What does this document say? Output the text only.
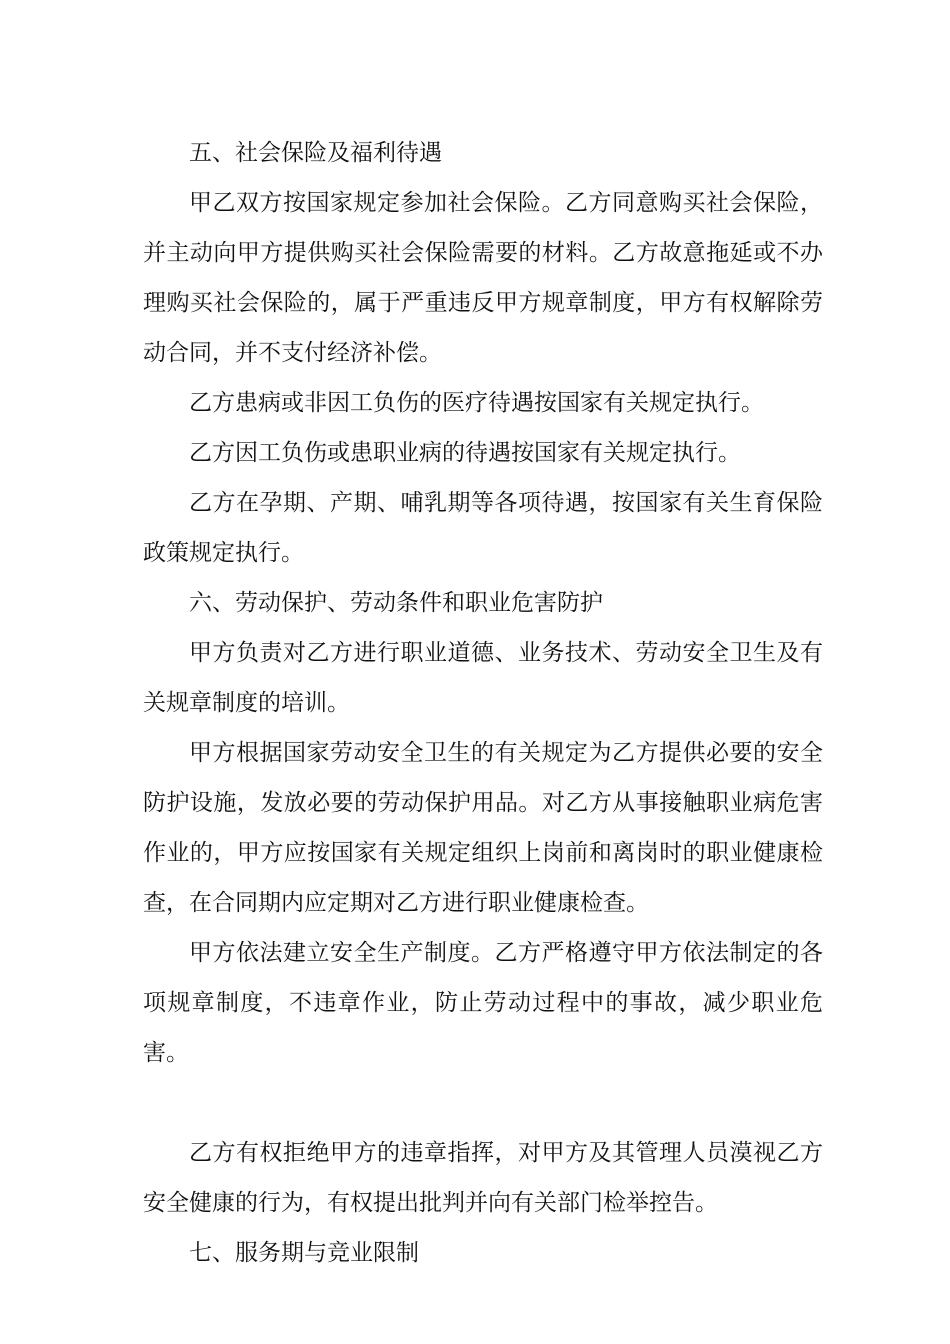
五、社会保险及福利待遇

甲乙双方按国家规定参加社会保险。乙方同意购买社会保险，并主动向甲方提供购买社会保险需要的材料。乙方故意拖延或不办理购买社会保险的，属于严重违反甲方规章制度，甲方有权解除劳动合同，并不支付经济补偿。

乙方患病或非因工负伤的医疗待遇按国家有关规定执行。

乙方因工负伤或患职业病的待遇按国家有关规定执行。

乙方在孕期、产期、哺乳期等各项待遇，按国家有关生育保险政策规定执行。

六、劳动保护、劳动条件和职业危害防护

甲方负责对乙方进行职业道德、业务技术、劳动安全卫生及有关规章制度的培训。

甲方根据国家劳动安全卫生的有关规定为乙方提供必要的安全防护设施，发放必要的劳动保护用品。对乙方从事接触职业病危害作业的，甲方应按国家有关规定组织上岗前和离岗时的职业健康检查，在合同期内应定期对乙方进行职业健康检查。

甲方依法建立安全生产制度。乙方严格遵守甲方依法制定的各项规章制度，不违章作业，防止劳动过程中的事故，减少职业危害。

乙方有权拒绝甲方的违章指挥，对甲方及其管理人员漠视乙方安全健康的行为，有权提出批判并向有关部门检举控告。

七、服务期与竞业限制
